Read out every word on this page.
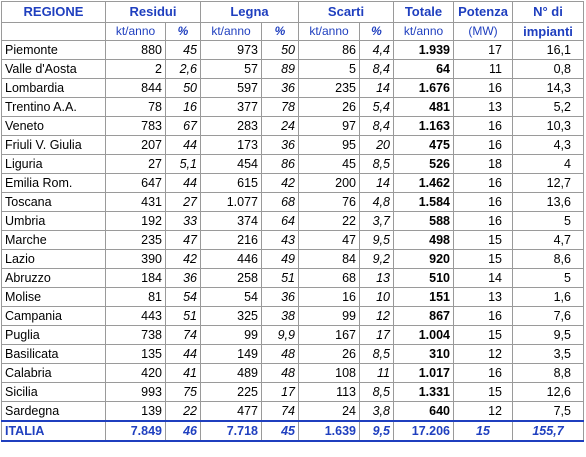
REGIONE	Residui		Legna		Scarti		Totale	Potenza	N° di
	kt/anno	%	kt/anno	%	kt/anno	%	kt/anno	(MW)	impianti
Piemonte	880	45	973	50	86	4,4	1.939	17	16,1
Valle d'Aosta	2	2,6	57	89	5	8,4	64	11	0,8
Lombardia	844	50	597	36	235	14	1.676	16	14,3
Trentino A.A.	78	16	377	78	26	5,4	481	13	5,2
Veneto	783	67	283	24	97	8,4	1.163	16	10,3
Friuli V. Giulia	207	44	173	36	95	20	475	16	4,3
Liguria	27	5,1	454	86	45	8,5	526	18	4
Emilia Rom.	647	44	615	42	200	14	1.462	16	12,7
Toscana	431	27	1.077	68	76	4,8	1.584	16	13,6
Umbria	192	33	374	64	22	3,7	588	16	5
Marche	235	47	216	43	47	9,5	498	15	4,7
Lazio	390	42	446	49	84	9,2	920	15	8,6
Abruzzo	184	36	258	51	68	13	510	14	5
Molise	81	54	54	36	16	10	151	13	1,6
Campania	443	51	325	38	99	12	867	16	7,6
Puglia	738	74	99	9,9	167	17	1.004	15	9,5
Basilicata	135	44	149	48	26	8,5	310	12	3,5
Calabria	420	41	489	48	108	11	1.017	16	8,8
Sicilia	993	75	225	17	113	8,5	1.331	15	12,6
Sardegna	139	22	477	74	24	3,8	640	12	7,5
ITALIA	7.849	46	7.718	45	1.639	9,5	17.206	15	155,7
